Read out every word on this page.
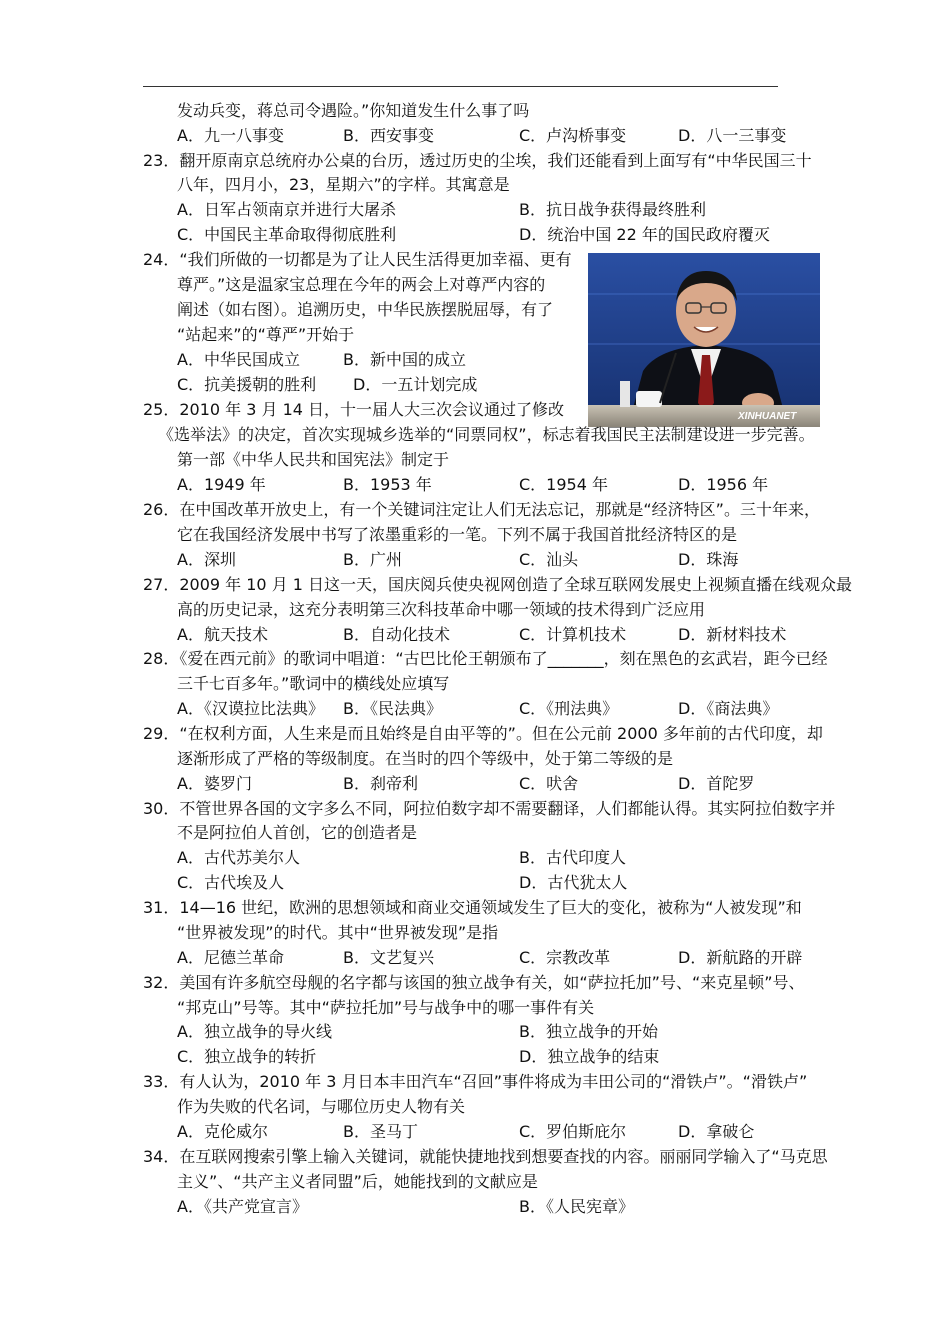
发动兵变，蒋总司令遇险。”你知道发生什么事了吗
A．九一八事变	B．西安事变	C．卢沟桥事变	D．八一三事变
23．翻开原南京总统府办公桌的台历，透过历史的尘埃，我们还能看到上面写有“中华民国三十
八年，四月小，23，星期六”的字样。其寓意是
A．日军占领南京并进行大屠杀	B．抗日战争获得最终胜利
C．中国民主革命取得彻底胜利	D．统治中国 22 年的国民政府覆灭
24．“我们所做的一切都是为了让人民生活得更加幸福、更有
尊严。”这是温家宝总理在今年的两会上对尊严内容的
阐述（如右图）。追溯历史，中华民族摆脱屈辱，有了
“站起来”的“尊严”开始于
A．中华民国成立	B．新中国的成立
C．抗美援朝的胜利 D．一五计划完成
XINHUANET
25．2010 年 3 月 14 日，十一届人大三次会议通过了修改
《选举法》的决定，首次实现城乡选举的“同票同权”，标志着我国民主法制建设进一步完善。
第一部《中华人民共和国宪法》制定于
A．1949 年	B．1953 年	C．1954 年	D．1956 年
26．在中国改革开放史上，有一个关键词注定让人们无法忘记，那就是“经济特区”。三十年来，
它在我国经济发展中书写了浓墨重彩的一笔。下列不属于我国首批经济特区的是
A．深圳	B．广州	C．汕头	D．珠海
27．2009 年 10 月 1 日这一天，国庆阅兵使央视网创造了全球互联网发展史上视频直播在线观众最
高的历史记录，这充分表明第三次科技革命中哪一领域的技术得到广泛应用
A．航天技术	B．自动化技术	C．计算机技术	D．新材料技术
28．《爱在西元前》的歌词中唱道：“古巴比伦王朝颁布了_______，刻在黑色的玄武岩，距今已经
三千七百多年。”歌词中的横线处应填写
A．《汉谟拉比法典》 B．《民法典》	C．《刑法典》	D．《商法典》
29．“在权利方面，人生来是而且始终是自由平等的”。但在公元前 2000 多年前的古代印度，却
逐渐形成了严格的等级制度。在当时的四个等级中，处于第二等级的是
A．婆罗门	B．刹帝利	C．吠舍	D．首陀罗
30．不管世界各国的文字多么不同，阿拉伯数字却不需要翻译，人们都能认得。其实阿拉伯数字并
不是阿拉伯人首创，它的创造者是
A．古代苏美尔人	B．古代印度人
C．古代埃及人	D．古代犹太人
31．14—16 世纪，欧洲的思想领域和商业交通领域发生了巨大的变化，被称为“人被发现”和
“世界被发现”的时代。其中“世界被发现”是指
A．尼德兰革命	B．文艺复兴	C．宗教改革	D．新航路的开辟
32．美国有许多航空母舰的名字都与该国的独立战争有关，如“萨拉托加”号、“来克星顿”号、
“邦克山”号等。其中“萨拉托加”号与战争中的哪一事件有关
A．独立战争的导火线	B．独立战争的开始
C．独立战争的转折	D．独立战争的结束
33．有人认为，2010 年 3 月日本丰田汽车“召回”事件将成为丰田公司的“滑铁卢”。“滑铁卢”
作为失败的代名词，与哪位历史人物有关
A．克伦威尔	B．圣马丁	C．罗伯斯庇尔	D．拿破仑
34．在互联网搜索引擎上输入关键词，就能快捷地找到想要查找的内容。丽丽同学输入了“马克思
主义”、“共产主义者同盟”后，她能找到的文献应是
A．《共产党宣言》	B．《人民宪章》
